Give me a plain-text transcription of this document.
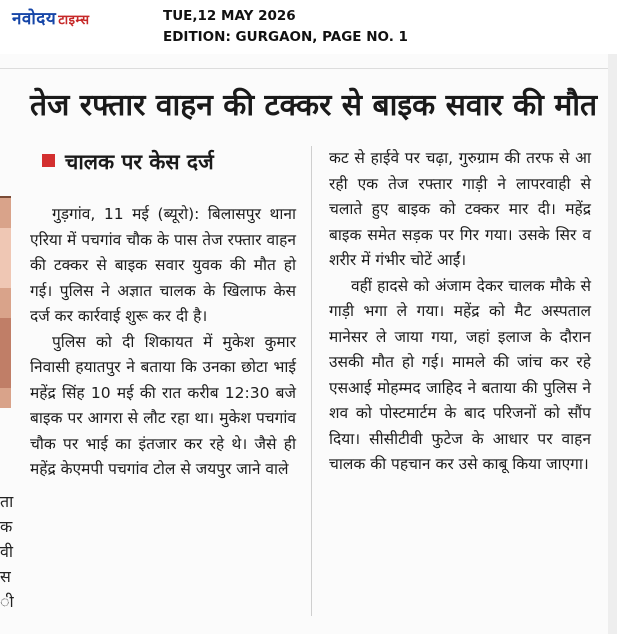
नवोदय टाइम्स	TUE,12 MAY 2026
EDITION: GURGAON, PAGE NO. 1
ता
क
वी
स
ी
तेज रफ्तार वाहन की टक्कर से बाइक सवार की मौत
चालक पर केस दर्ज

गुड़गांव, 11 मई (ब्यूरो): बिलासपुर थाना एरिया में पचगांव चौक के पास तेज रफ्तार वाहन की टक्कर से बाइक सवार युवक की मौत हो गई। पुलिस ने अज्ञात चालक के खिलाफ केस दर्ज कर कार्रवाई शुरू कर दी है।

पुलिस को दी शिकायत में मुकेश कुमार निवासी हयातपुर ने बताया कि उनका छोटा भाई महेंद्र सिंह 10 मई की रात करीब 12:30 बजे बाइक पर आगरा से लौट रहा था। मुकेश पचगांव चौक पर भाई का इंतजार कर रहे थे। जैसे ही महेंद्र केएमपी पचगांव टोल से जयपुर जाने वाले

कट से हाईवे पर चढ़ा, गुरुग्राम की तरफ से आ रही एक तेज रफ्तार गाड़ी ने लापरवाही से चलाते हुए बाइक को टक्कर मार दी। महेंद्र बाइक समेत सड़क पर गिर गया। उसके सिर व शरीर में गंभीर चोटें आईं।

वहीं हादसे को अंजाम देकर चालक मौके से गाड़ी भगा ले गया। महेंद्र को मैट अस्पताल मानेसर ले जाया गया, जहां इलाज के दौरान उसकी मौत हो गई। मामले की जांच कर रहे एसआई मोहम्मद जाहिद ने बताया की पुलिस ने शव को पोस्टमार्टम के बाद परिजनों को सौंप दिया। सीसीटीवी फुटेज के आधार पर वाहन चालक की पहचान कर उसे काबू किया जाएगा।
